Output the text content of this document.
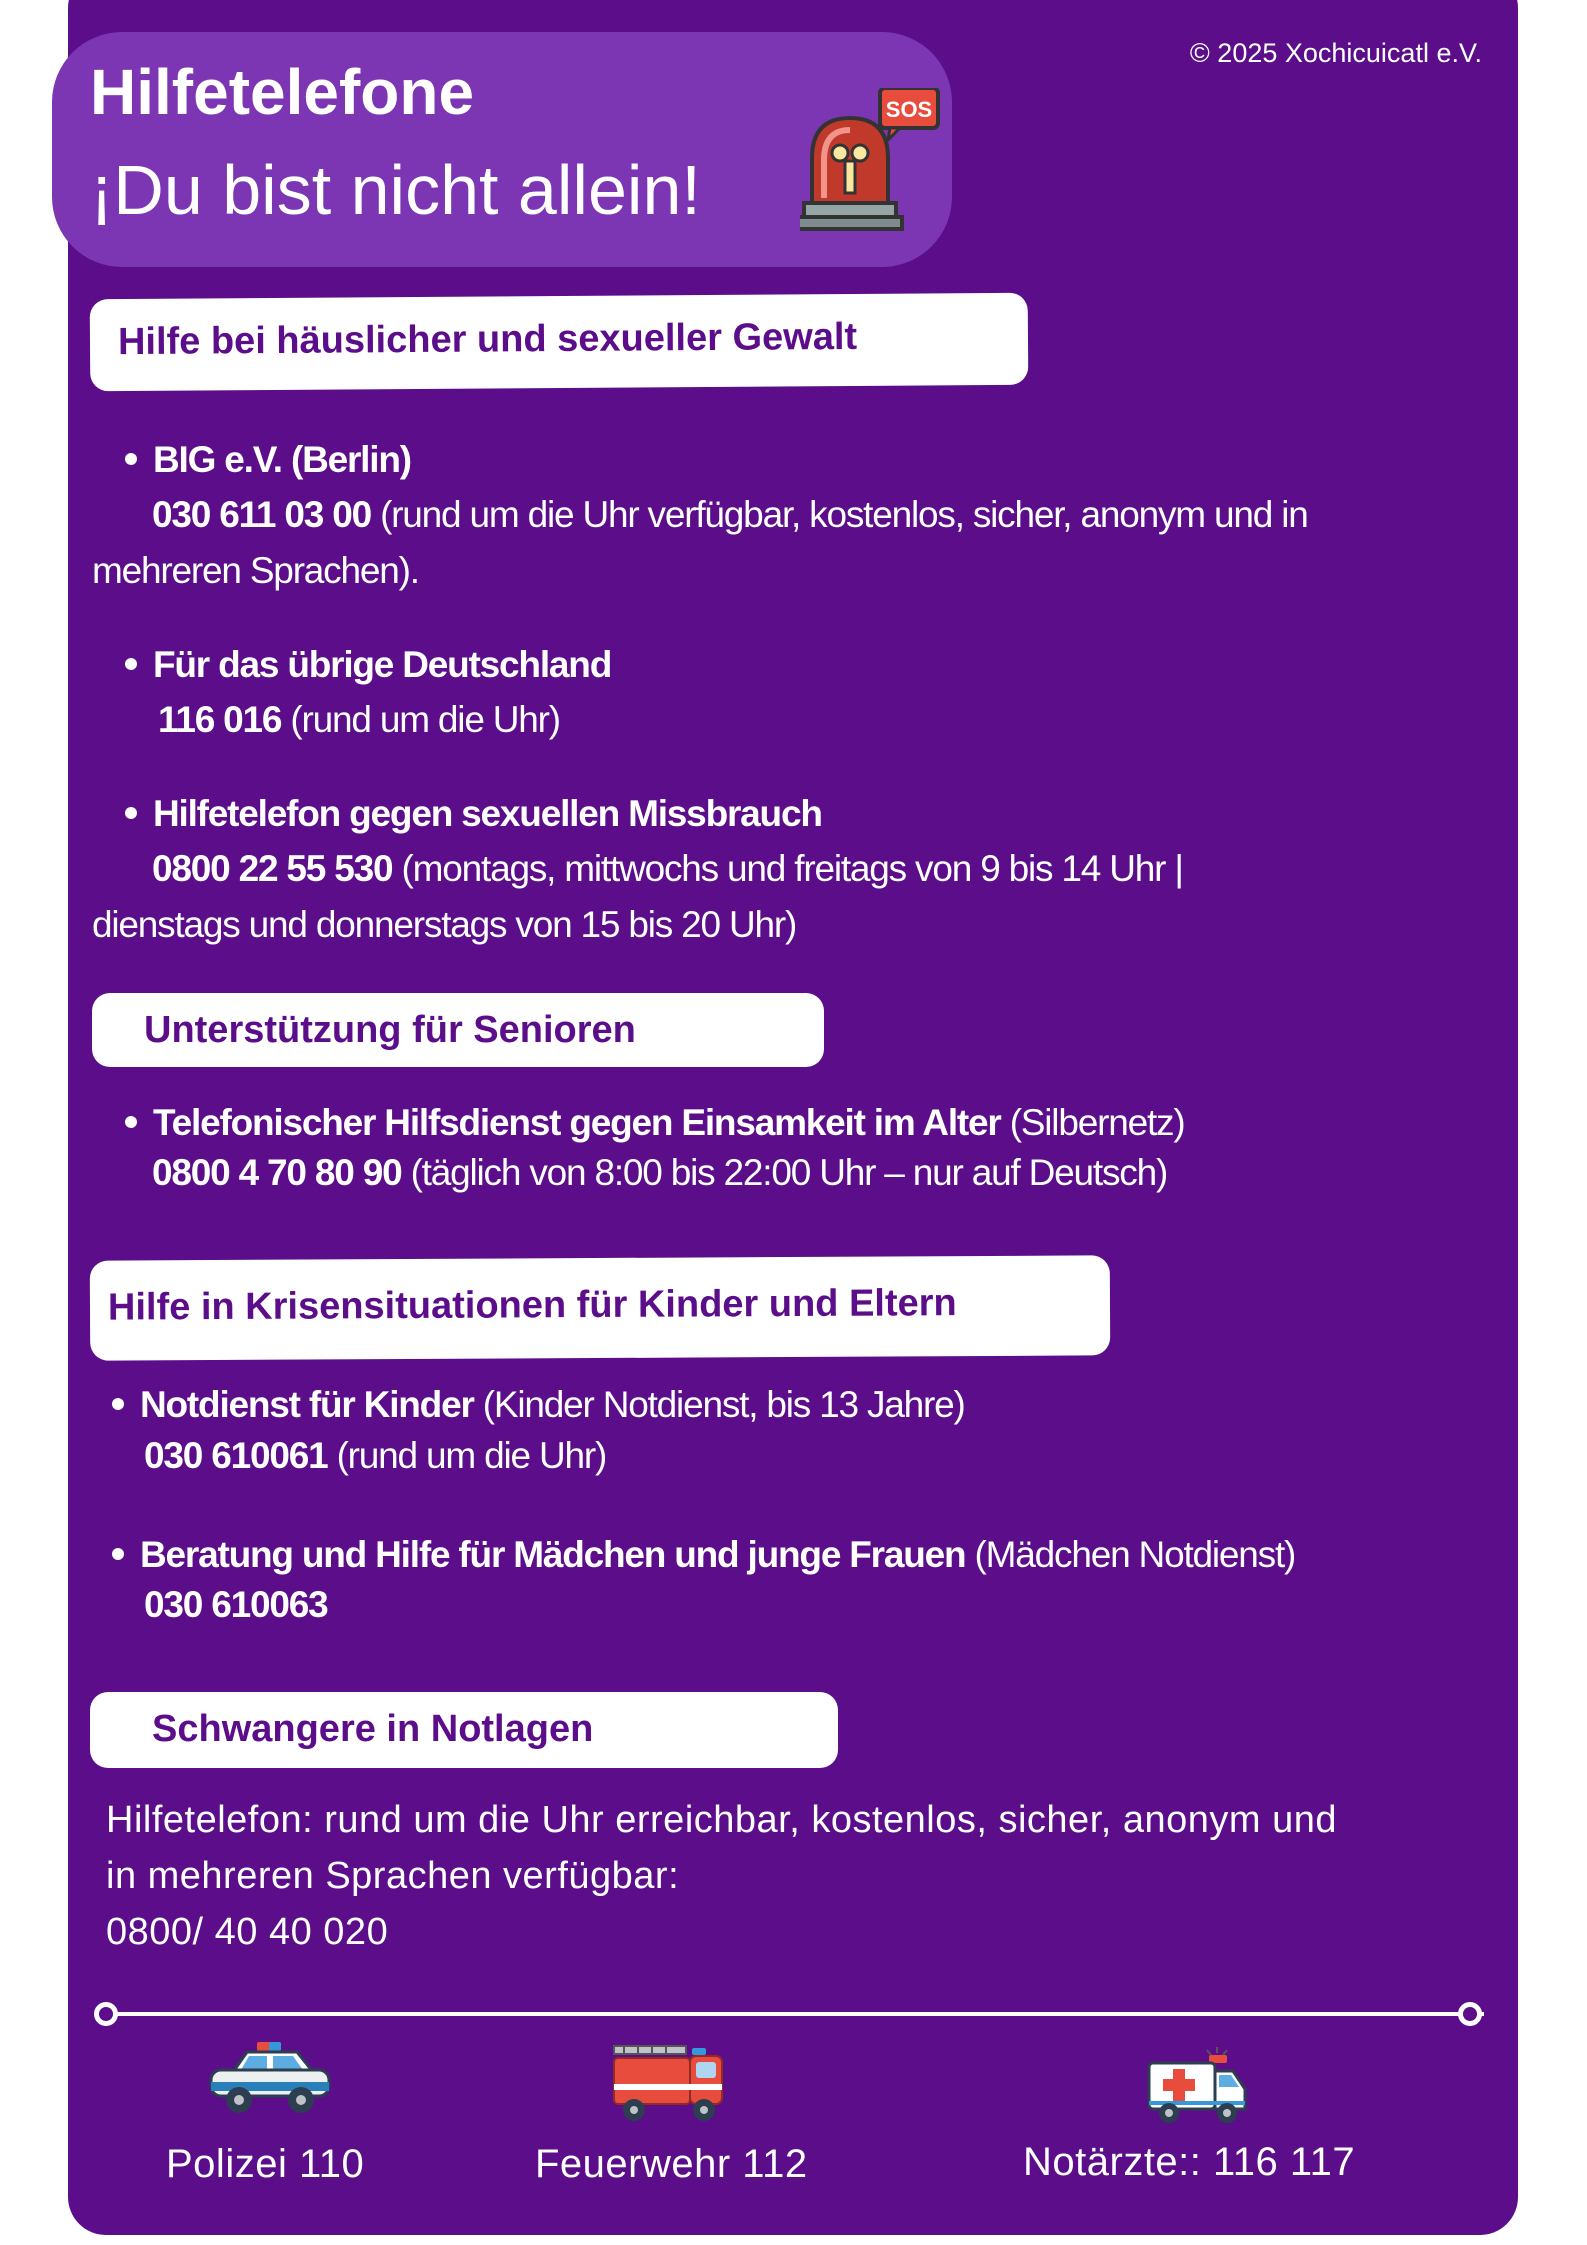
© 2025 Xochicuicatl e.V.
Hilfetelefone
¡Du bist nicht allein!
SOS
Hilfe bei häuslicher und sexueller Gewalt
BIG e.V. (Berlin)
030 611 03 00 (rund um die Uhr verfügbar, kostenlos, sicher, anonym und in
mehreren Sprachen).
Für das übrige Deutschland
116 016 (rund um die Uhr)
Hilfetelefon gegen sexuellen Missbrauch
0800 22 55 530 (montags, mittwochs und freitags von 9 bis 14 Uhr |
dienstags und donnerstags von 15 bis 20 Uhr)
Unterstützung für Senioren
Telefonischer Hilfsdienst gegen Einsamkeit im Alter (Silbernetz)
0800 4 70 80 90 (täglich von 8:00 bis 22:00 Uhr – nur auf Deutsch)
Hilfe in Krisensituationen für Kinder und Eltern
Notdienst für Kinder (Kinder Notdienst, bis 13 Jahre)
030 610061 (rund um die Uhr)
Beratung und Hilfe für Mädchen und junge Frauen (Mädchen Notdienst)
030 610063
Schwangere in Notlagen
Hilfetelefon: rund um die Uhr erreichbar, kostenlos, sicher, anonym und
in mehreren Sprachen verfügbar:
0800/ 40 40 020
Polizei 110	Feuerwehr 112	Notärzte:: 116 117
